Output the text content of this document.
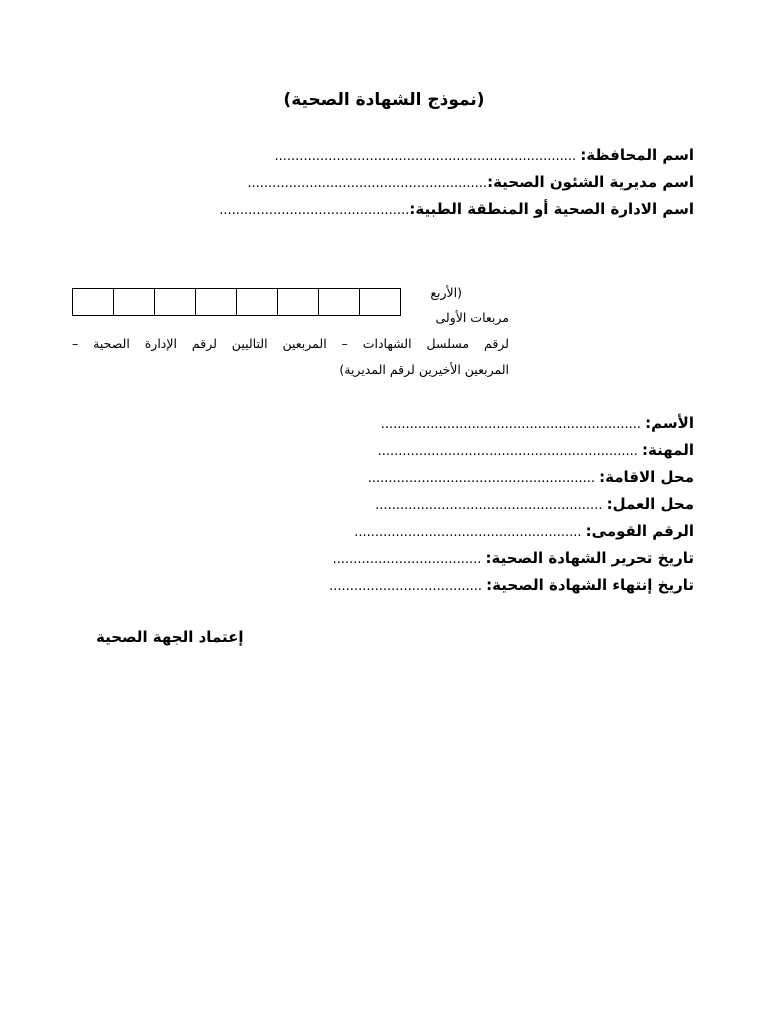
(نموذج الشهادة الصحية)
اسم المحافظة: .........................................................................
اسم مديرية الشئون الصحية:..........................................................
اسم الادارة الصحية أو المنطقة الطبية:..............................................
(الأربع
مربعات الأولى
لرقم مسلسل الشهادات – المربعين التاليين لرقم الإدارة الصحية –
المربعين الأخيرين لرقم المديرية)
الأسم: ...............................................................
المهنة: ...............................................................
محل الاقامة: .......................................................
محل العمل: .......................................................
الرقم القومى: .......................................................
تاريخ تحرير الشهادة الصحية: ....................................
تاريخ إنتهاء الشهادة الصحية: .....................................
إعتماد الجهة الصحية
